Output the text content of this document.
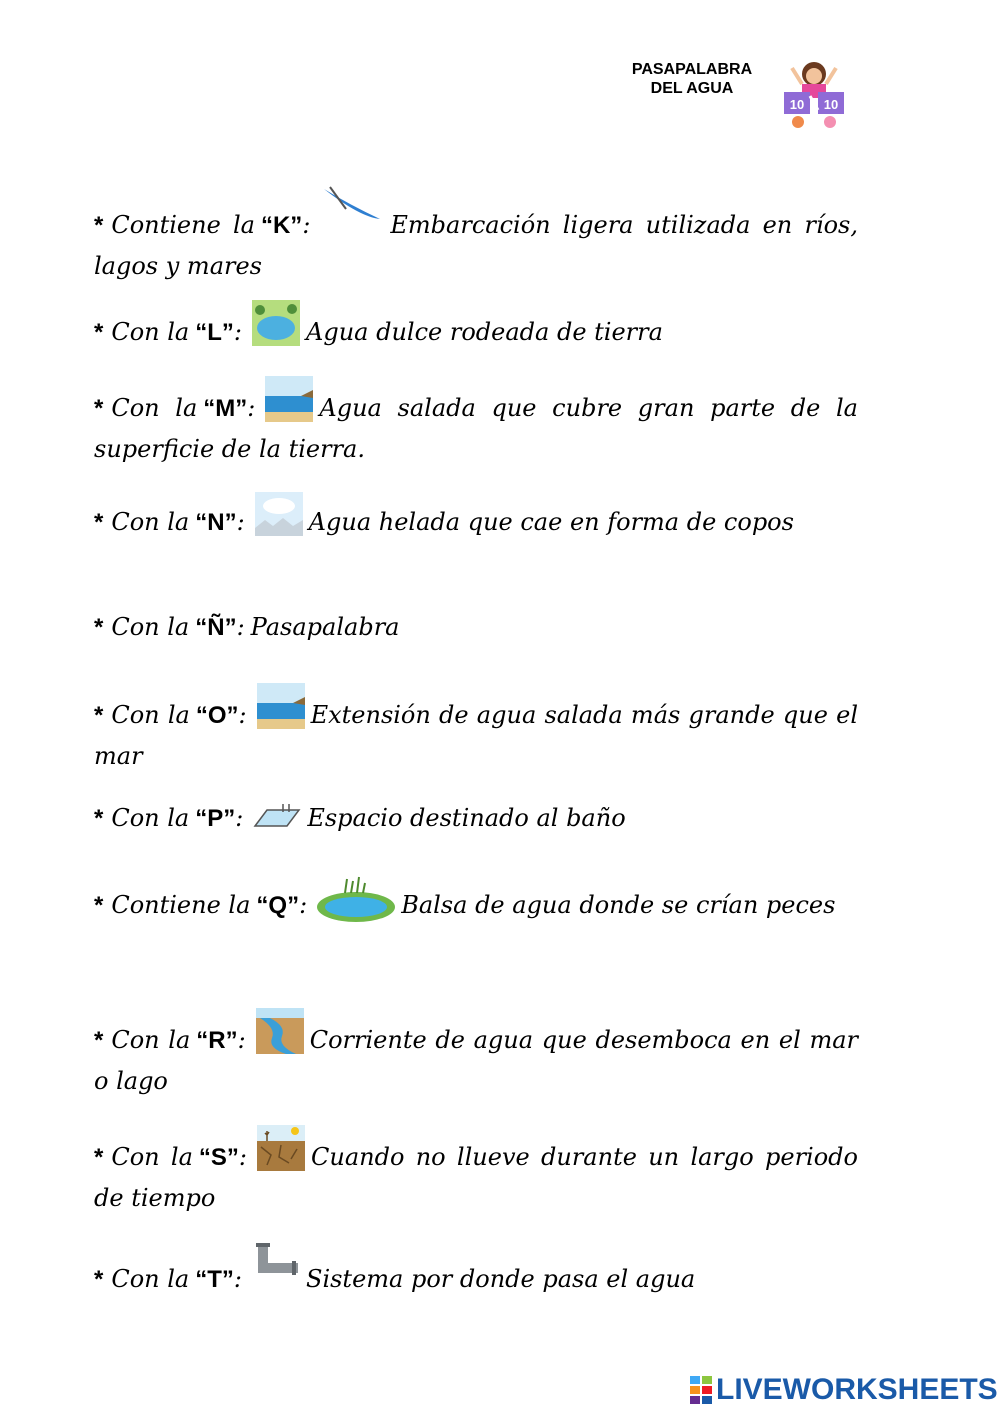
PASAPALABRA
DEL AGUA
10 10
* Contiene la “K”:	Embarcación ligera utilizada en ríos, lagos y mares
* Con la “L”:	Agua dulce rodeada de tierra
* Con la “M”:	Agua salada que cubre gran parte de la superficie de la tierra.
* Con la “N”:	Agua helada que cae en forma de copos
* Con la “Ñ”: Pasapalabra
* Con la “O”:	Extensión de agua salada más grande que el mar
* Con la “P”:	Espacio destinado al baño
* Contiene la “Q”:	Balsa de agua donde se crían peces
* Con la “R”:	Corriente de agua que desemboca en el mar o lago
* Con la “S”:	Cuando no llueve durante un largo periodo de tiempo
* Con la “T”:	Sistema por donde pasa el agua
LIVEWORKSHEETS
